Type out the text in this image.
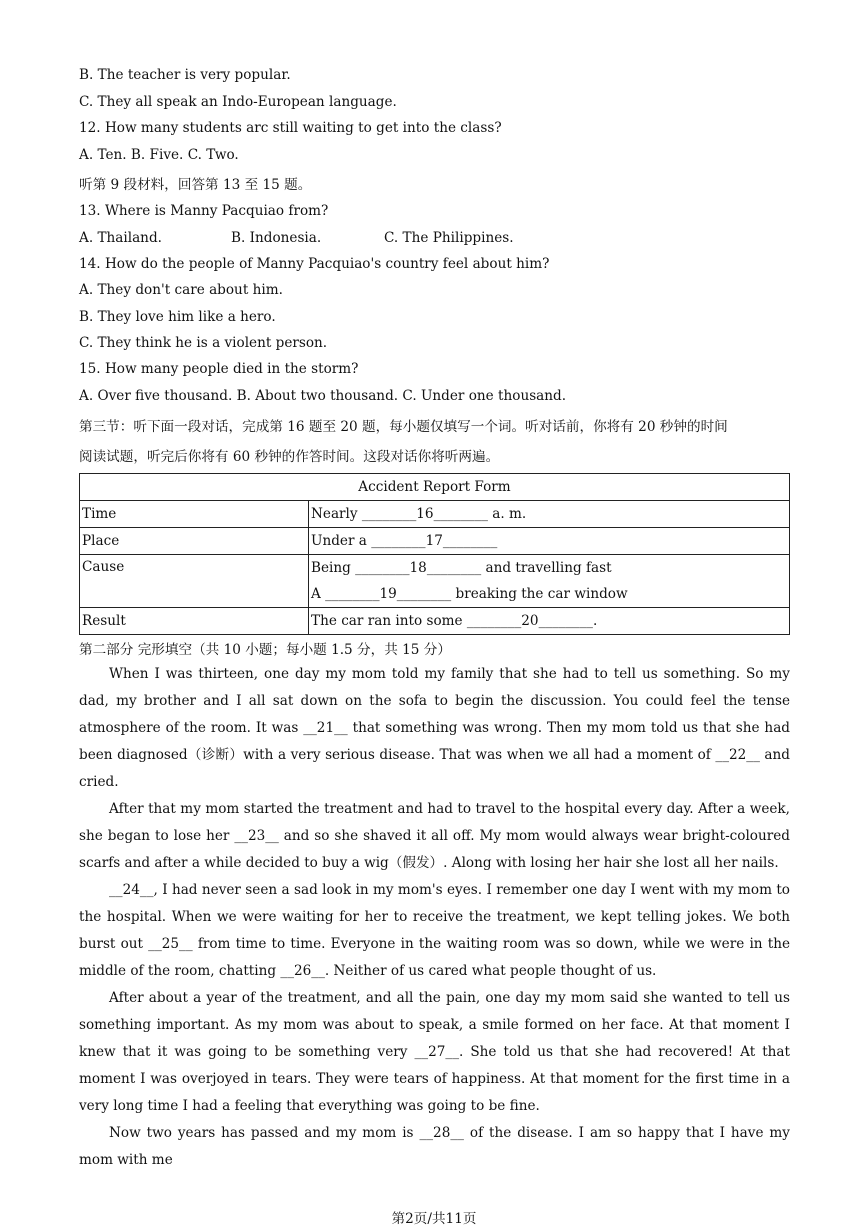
B. The teacher is very popular.
C. They all speak an Indo-European language.
12. How many students arc still waiting to get into the class?
A. Ten. B. Five. C. Two.
听第 9 段材料，回答第 13 至 15 题。
13. Where is Manny Pacquiao from?
A. Thailand.	B. Indonesia.	C. The Philippines.
14. How do the people of Manny Pacquiao's country feel about him?
A. They don't care about him.
B. They love him like a hero.
C. They think he is a violent person.
15. How many people died in the storm?
A. Over five thousand. B. About two thousand. C. Under one thousand.
第三节：听下面一段对话，完成第 16 题至 20 题，每小题仅填写一个词。听对话前，你将有 20 秒钟的时间
阅读试题，听完后你将有 60 秒钟的作答时间。这段对话你将听两遍。
Accident Report Form	
Time	Nearly ________16________ a. m.
Place	Under a ________17________
Cause	Being ________18________ and travelling fast
	A ________19________ breaking the car window
Result	The car ran into some ________20________.
第二部分 完形填空（共 10 小题；每小题 1.5 分，共 15 分）
When I was thirteen, one day my mom told my family that she had to tell us something. So my dad, my brother and I all sat down on the sofa to begin the discussion. You could feel the tense atmosphere of the room. It was __21__ that something was wrong. Then my mom told us that she had been diagnosed（诊断）with a very serious disease. That was when we all had a moment of __22__ and cried.
After that my mom started the treatment and had to travel to the hospital every day. After a week, she began to lose her __23__ and so she shaved it all off. My mom would always wear bright-coloured scarfs and after a while decided to buy a wig（假发）. Along with losing her hair she lost all her nails.
__24__, I had never seen a sad look in my mom's eyes. I remember one day I went with my mom to the hospital. When we were waiting for her to receive the treatment, we kept telling jokes. We both burst out __25__ from time to time. Everyone in the waiting room was so down, while we were in the middle of the room, chatting __26__. Neither of us cared what people thought of us.
After about a year of the treatment, and all the pain, one day my mom said she wanted to tell us something important. As my mom was about to speak, a smile formed on her face. At that moment I knew that it was going to be something very __27__. She told us that she had recovered! At that moment I was overjoyed in tears. They were tears of happiness. At that moment for the first time in a very long time I had a feeling that everything was going to be fine.
Now two years has passed and my mom is __28__ of the disease. I am so happy that I have my mom with me
第2页/共11页
